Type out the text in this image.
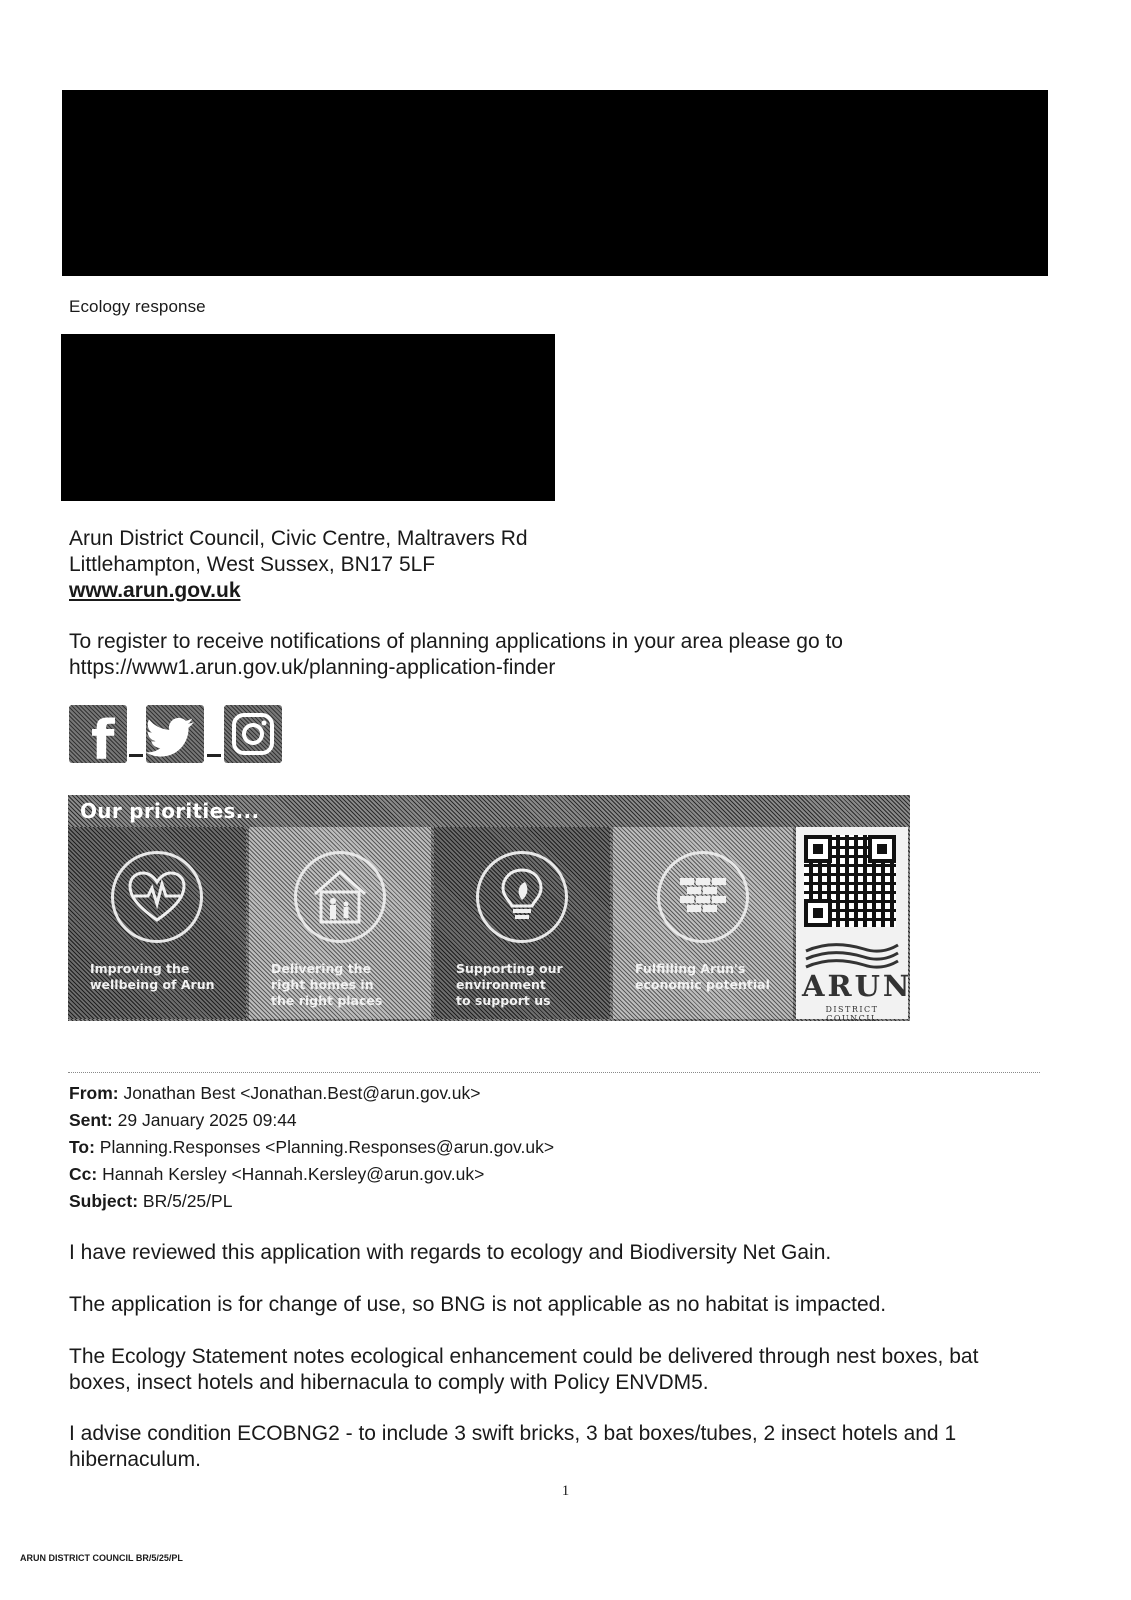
Ecology response
Arun District Council, Civic Centre, Maltravers Rd
Littlehampton, West Sussex, BN17 5LF
www.arun.gov.uk
To register to receive notifications of planning applications in your area please go to
https://www1.arun.gov.uk/planning-application-finder
f
Our priorities...
Improving the
wellbeing of Arun
Delivering the
right homes in
the right places
Supporting our
environment
to support us
Fulfilling Arun's
economic potential	ARUN
DISTRICT COUNCIL
From: Jonathan Best <Jonathan.Best@arun.gov.uk>
Sent: 29 January 2025 09:44
To: Planning.Responses <Planning.Responses@arun.gov.uk>
Cc: Hannah Kersley <Hannah.Kersley@arun.gov.uk>
Subject: BR/5/25/PL
I have reviewed this application with regards to ecology and Biodiversity Net Gain.
The application is for change of use, so BNG is not applicable as no habitat is impacted.
The Ecology Statement notes ecological enhancement could be delivered through nest boxes, bat
boxes, insect hotels and hibernacula to comply with Policy ENVDM5.
I advise condition ECOBNG2 - to include 3 swift bricks, 3 bat boxes/tubes, 2 insect hotels and 1
hibernaculum.
1
ARUN DISTRICT COUNCIL BR/5/25/PL
